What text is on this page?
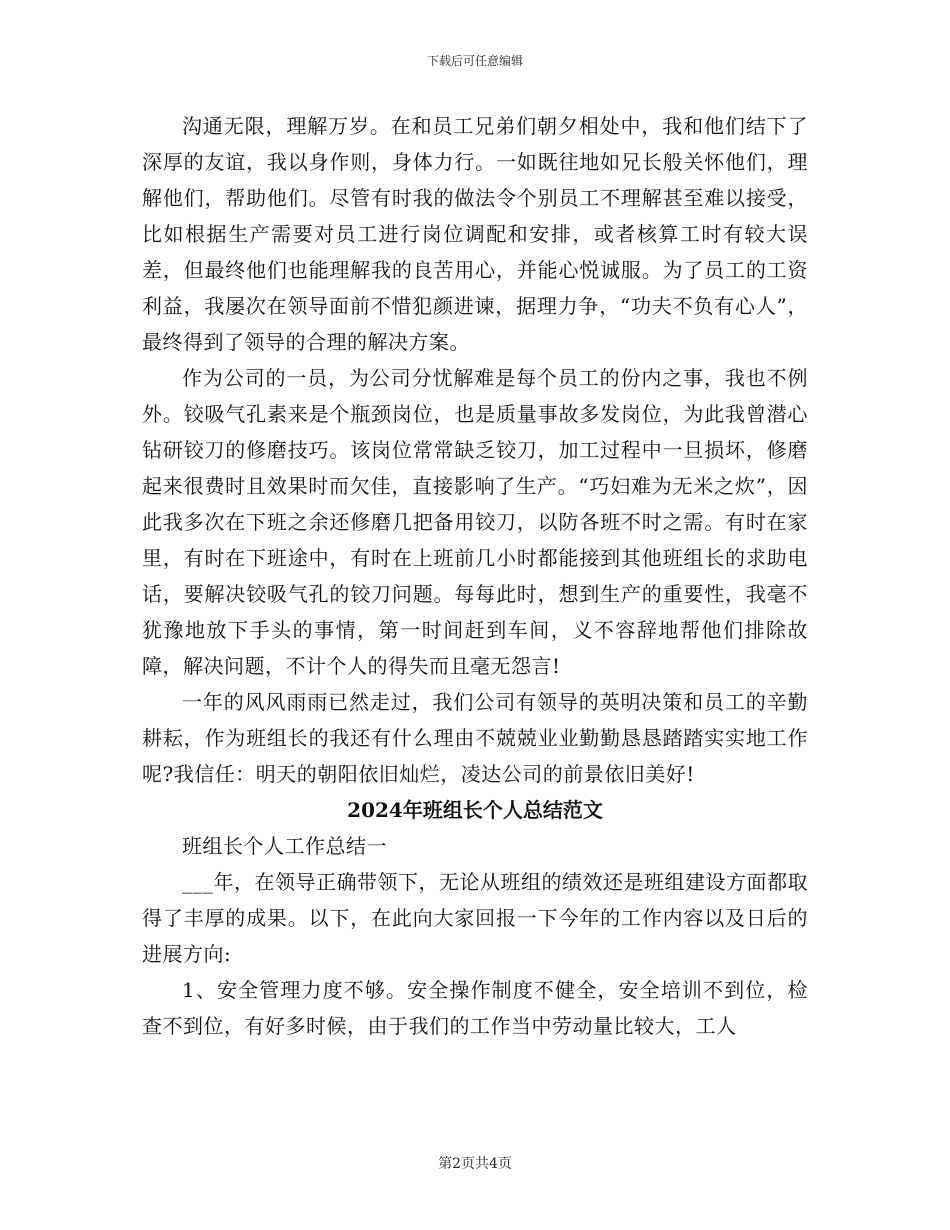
下载后可任意编辑

沟通无限，理解万岁。在和员工兄弟们朝夕相处中，我和他们结下了深厚的友谊，我以身作则，身体力行。一如既往地如兄长般关怀他们，理解他们，帮助他们。尽管有时我的做法令个别员工不理解甚至难以接受，比如根据生产需要对员工进行岗位调配和安排，或者核算工时有较大误差，但最终他们也能理解我的良苦用心，并能心悦诚服。为了员工的工资利益，我屡次在领导面前不惜犯颜进谏，据理力争，“功夫不负有心人”，最终得到了领导的合理的解决方案。

作为公司的一员，为公司分忧解难是每个员工的份内之事，我也不例外。铰吸气孔素来是个瓶颈岗位，也是质量事故多发岗位，为此我曾潜心钻研铰刀的修磨技巧。该岗位常常缺乏铰刀，加工过程中一旦损坏，修磨起来很费时且效果时而欠佳，直接影响了生产。“巧妇难为无米之炊”，因此我多次在下班之余还修磨几把备用铰刀，以防各班不时之需。有时在家里，有时在下班途中，有时在上班前几小时都能接到其他班组长的求助电话，要解决铰吸气孔的铰刀问题。每每此时，想到生产的重要性，我毫不犹豫地放下手头的事情，第一时间赶到车间，义不容辞地帮他们排除故障，解决问题，不计个人的得失而且毫无怨言!

一年的风风雨雨已然走过，我们公司有领导的英明决策和员工的辛勤耕耘，作为班组长的我还有什么理由不兢兢业业勤勤恳恳踏踏实实地工作呢?我信任：明天的朝阳依旧灿烂，凌达公司的前景依旧美好!

2024年班组长个人总结范文

班组长个人工作总结一

___年，在领导正确带领下，无论从班组的绩效还是班组建设方面都取得了丰厚的成果。以下，在此向大家回报一下今年的工作内容以及日后的进展方向:

1、安全管理力度不够。安全操作制度不健全，安全培训不到位，检查不到位，有好多时候，由于我们的工作当中劳动量比较大，工人

第2页共4页
